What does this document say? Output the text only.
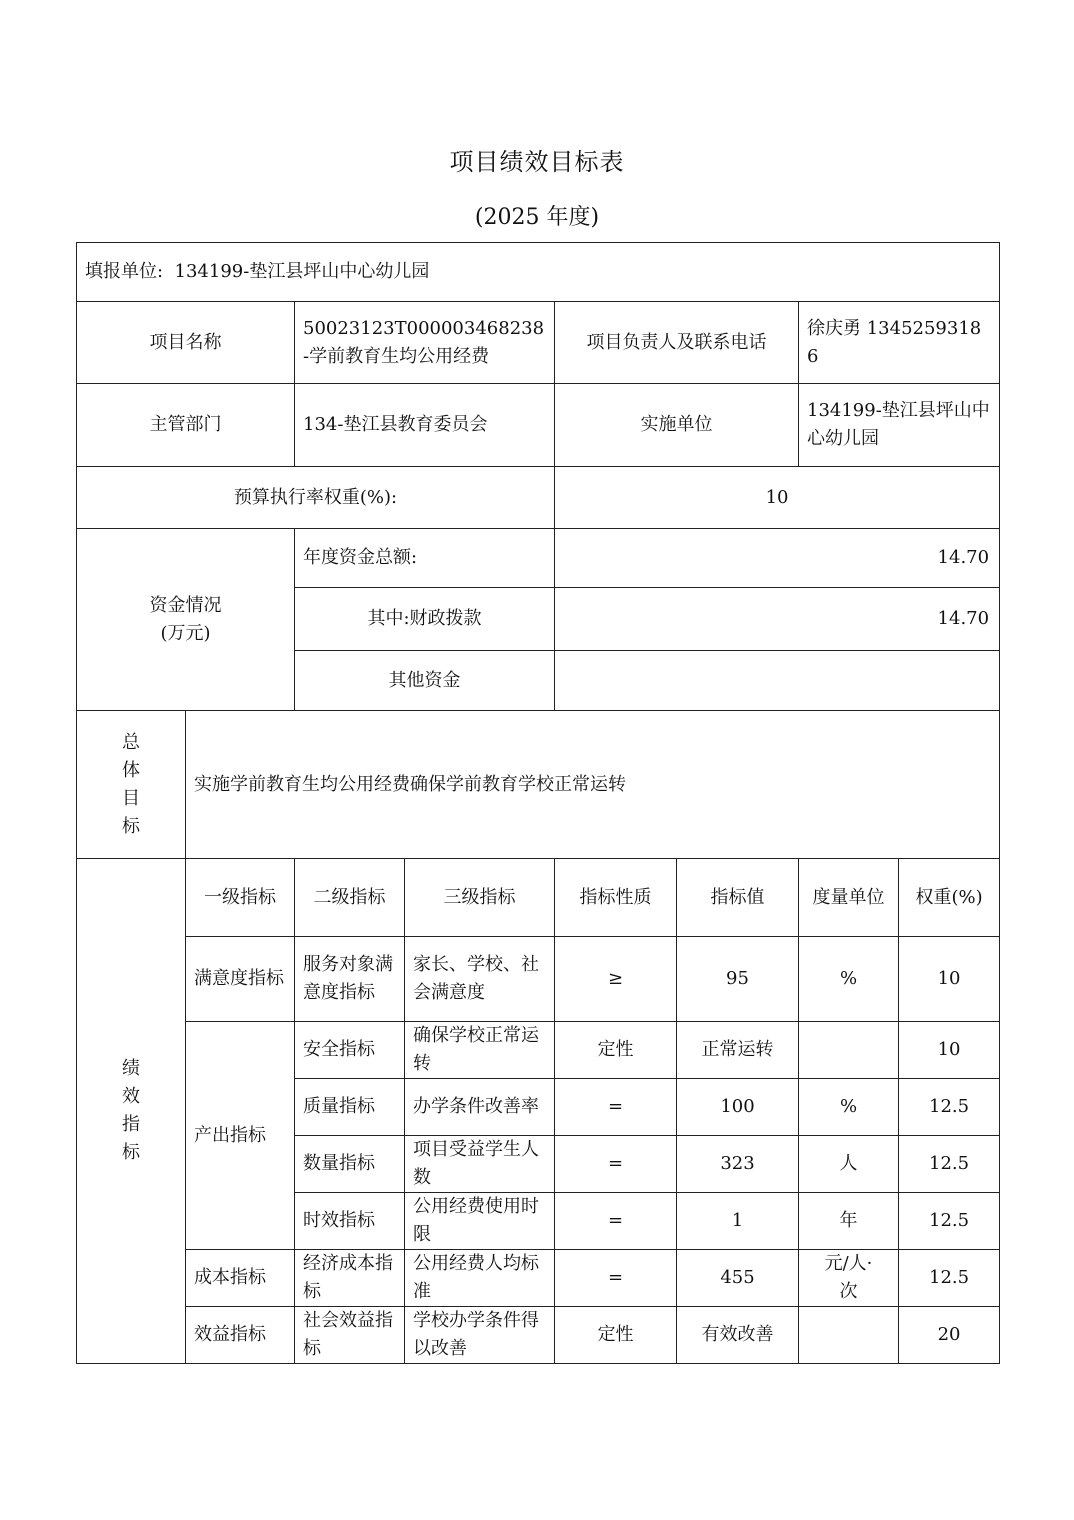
项目绩效目标表
(2025 年度)
填报单位: 134199-垫江县坪山中心幼儿园							
项目名称		50023123T000003468238-学前教育生均公用经费		项目负责人及联系电话		徐庆勇 13452593186	
主管部门		134-垫江县教育委员会		实施单位		134199-垫江县坪山中心幼儿园	
预算执行率权重(%):				10			
资金情况
(万元)		年度资金总额:		14.70			
		其中:财政拨款		14.70			
		其他资金					

总
体
目
标	实施学前教育生均公用经费确保学前教育学校正常运转						

绩
效
指
标	一级指标	二级指标	三级指标	指标性质	指标值	度量单位	权重(%)
	满意度指标	服务对象满意度指标	家长、学校、社会满意度	≥	95	%	10
	产出指标	安全指标	确保学校正常运转	定性	正常运转		10
		质量指标	办学条件改善率	=	100	%	12.5
		数量指标	项目受益学生人数	=	323	人	12.5
		时效指标	公用经费使用时限	=	1	年	12.5
	成本指标	经济成本指标	公用经费人均标准	=	455	元/人·次	12.5
	效益指标	社会效益指标	学校办学条件得以改善	定性	有效改善		20
